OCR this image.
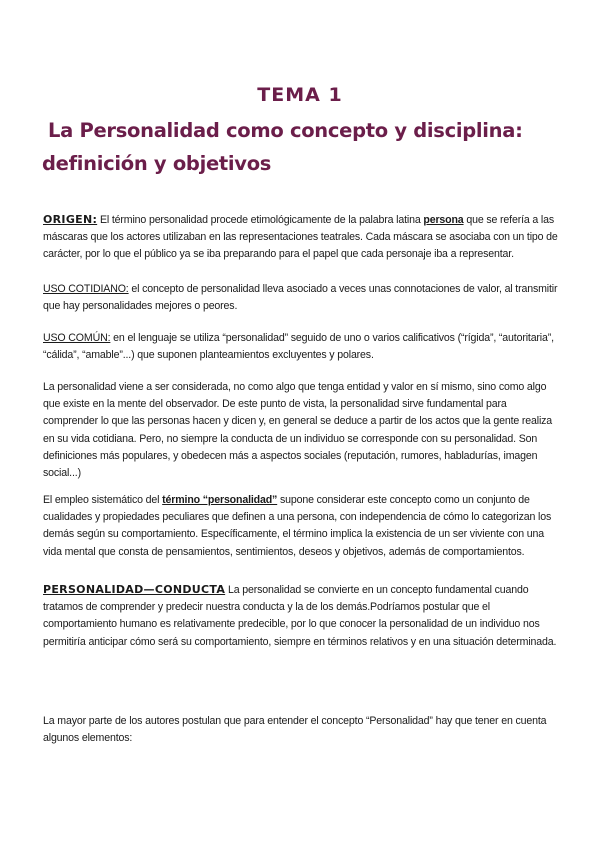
TEMA 1
La Personalidad como concepto y disciplina:
definición y objetivos
ORIGEN: El término personalidad procede etimológicamente de la palabra latina persona que se refería a las máscaras que los actores utilizaban en las representaciones teatrales. Cada máscara se asociaba con un tipo de carácter, por lo que el público ya se iba preparando para el papel que cada personaje iba a representar.
USO COTIDIANO: el concepto de personalidad lleva asociado a veces unas connotaciones de valor, al transmitir que hay personalidades mejores o peores.
USO COMÚN: en el lenguaje se utiliza “personalidad” seguido de uno o varios calificativos (“rígida”, “autoritaria”, “cálida”, “amable”...) que suponen planteamientos excluyentes y polares.
La personalidad viene a ser considerada, no como algo que tenga entidad y valor en sí mismo, sino como algo que existe en la mente del observador. De este punto de vista, la personalidad sirve fundamental para comprender lo que las personas hacen y dicen y, en general se deduce a partir de los actos que la gente realiza en su vida cotidiana. Pero, no siempre la conducta de un individuo se corresponde con su personalidad. Son definiciones más populares, y obedecen más a aspectos sociales (reputación, rumores, habladurías, imagen social...)
El empleo sistemático del término “personalidad” supone considerar este concepto como un conjunto de cualidades y propiedades peculiares que definen a una persona, con independencia de cómo lo categorizan los demás según su comportamiento. Específicamente, el término implica la existencia de un ser viviente con una vida mental que consta de pensamientos, sentimientos, deseos y objetivos, además de comportamientos.
PERSONALIDAD—CONDUCTA La personalidad se convierte en un concepto fundamental cuando tratamos de comprender y predecir nuestra conducta y la de los demás.Podríamos postular que el comportamiento humano es relativamente predecible, por lo que conocer la personalidad de un individuo nos permitiría anticipar cómo será su comportamiento, siempre en términos relativos y en una situación determinada.
La mayor parte de los autores postulan que para entender el concepto “Personalidad” hay que tener en cuenta algunos elementos:
